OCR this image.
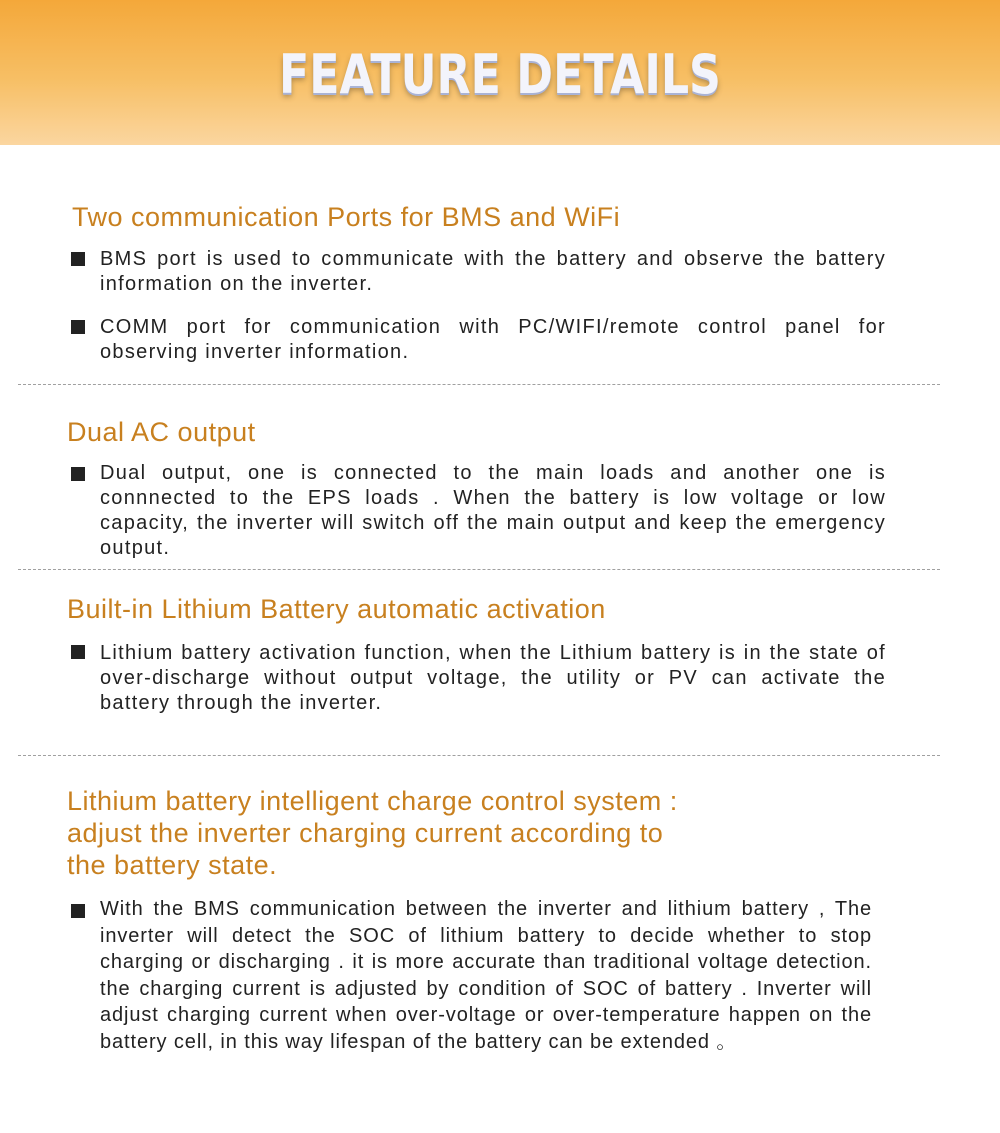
FEATURE DETAILS
Two communication Ports for BMS and WiFi
BMS port is used to communicate with the battery and observe the battery information on the inverter.
COMM port for communication with PC/WIFI/remote control panel for observing inverter information.
Dual AC output
Dual output, one is connected to the main loads and another one is connnected to the EPS loads . When the battery is low voltage or low capacity, the inverter will switch off the main output and keep the emergency output.
Built-in Lithium Battery automatic activation
Lithium battery activation function, when the Lithium battery is in the state of over-discharge without output voltage, the utility or PV can activate the battery through the inverter.
Lithium battery intelligent charge control system :
adjust the inverter charging current according to
the battery state.
With the BMS communication between the inverter and lithium battery , The inverter will detect the SOC of lithium battery to decide whether to stop charging or discharging . it is more accurate than traditional voltage detection. the charging current is adjusted by condition of SOC of battery . Inverter will adjust charging current when over-voltage or over-temperature happen on the battery cell, in this way lifespan of the battery can be extended 。
